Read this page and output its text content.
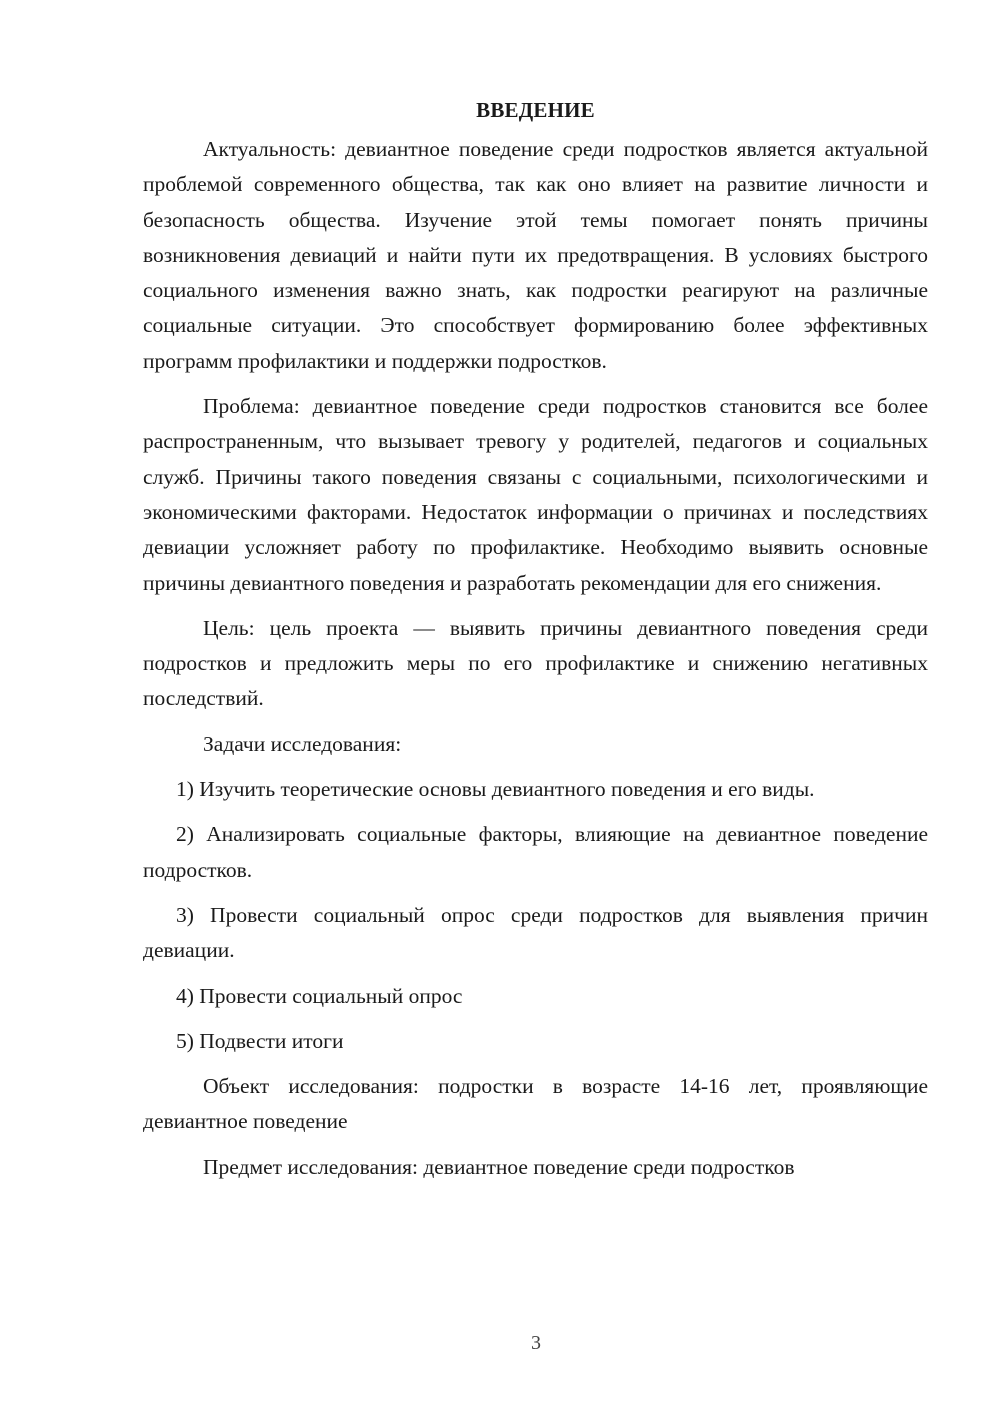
ВВЕДЕНИЕ

Актуальность: девиантное поведение среди подростков является актуальной проблемой современного общества, так как оно влияет на развитие личности и безопасность общества. Изучение этой темы помогает понять причины возникновения девиаций и найти пути их предотвращения. В условиях быстрого социального изменения важно знать, как подростки реагируют на различные социальные ситуации. Это способствует формированию более эффективных программ профилактики и поддержки подростков.

Проблема: девиантное поведение среди подростков становится все более распространенным, что вызывает тревогу у родителей, педагогов и социальных служб. Причины такого поведения связаны с социальными, психологическими и экономическими факторами. Недостаток информации о причинах и последствиях девиации усложняет работу по профилактике. Необходимо выявить основные причины девиантного поведения и разработать рекомендации для его снижения.

Цель: цель проекта — выявить причины девиантного поведения среди подростков и предложить меры по его профилактике и снижению негативных последствий.

Задачи исследования:

1) Изучить теоретические основы девиантного поведения и его виды.

2) Анализировать социальные факторы, влияющие на девиантное поведение подростков.

3) Провести социальный опрос среди подростков для выявления причин девиации.

4) Провести социальный опрос

5) Подвести итоги

Объект исследования: подростки в возрасте 14-16 лет, проявляющие девиантное поведение

Предмет исследования: девиантное поведение среди подростков

3
